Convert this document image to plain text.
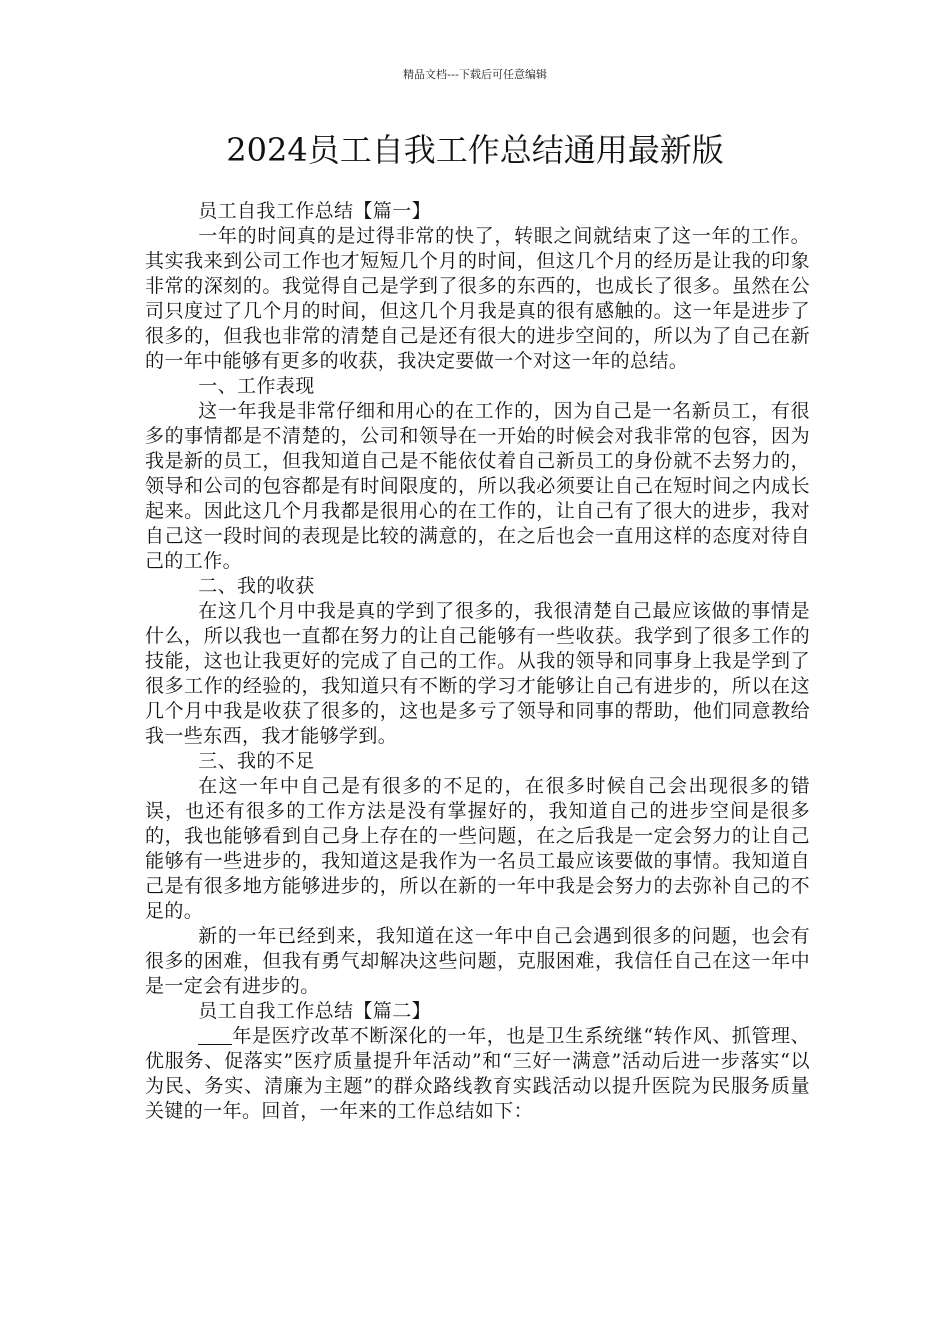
精品文档---下载后可任意编辑
2024员工自我工作总结通用最新版

员工自我工作总结【篇一】

一年的时间真的是过得非常的快了，转眼之间就结束了这一年的工作。其实我来到公司工作也才短短几个月的时间，但这几个月的经历是让我的印象非常的深刻的。我觉得自己是学到了很多的东西的，也成长了很多。虽然在公司只度过了几个月的时间，但这几个月我是真的很有感触的。这一年是进步了很多的，但我也非常的清楚自己是还有很大的进步空间的，所以为了自己在新的一年中能够有更多的收获，我决定要做一个对这一年的总结。

一、工作表现

这一年我是非常仔细和用心的在工作的，因为自己是一名新员工，有很多的事情都是不清楚的，公司和领导在一开始的时候会对我非常的包容，因为我是新的员工，但我知道自己是不能依仗着自己新员工的身份就不去努力的，领导和公司的包容都是有时间限度的，所以我必须要让自己在短时间之内成长起来。因此这几个月我都是很用心的在工作的，让自己有了很大的进步，我对自己这一段时间的表现是比较的满意的，在之后也会一直用这样的态度对待自己的工作。

二、我的收获

在这几个月中我是真的学到了很多的，我很清楚自己最应该做的事情是什么，所以我也一直都在努力的让自己能够有一些收获。我学到了很多工作的技能，这也让我更好的完成了自己的工作。从我的领导和同事身上我是学到了很多工作的经验的，我知道只有不断的学习才能够让自己有进步的，所以在这几个月中我是收获了很多的，这也是多亏了领导和同事的帮助，他们同意教给我一些东西，我才能够学到。

三、我的不足

在这一年中自己是有很多的不足的，在很多时候自己会出现很多的错误，也还有很多的工作方法是没有掌握好的，我知道自己的进步空间是很多的，我也能够看到自己身上存在的一些问题，在之后我是一定会努力的让自己能够有一些进步的，我知道这是我作为一名员工最应该要做的事情。我知道自己是有很多地方能够进步的，所以在新的一年中我是会努力的去弥补自己的不足的。

新的一年已经到来，我知道在这一年中自己会遇到很多的问题，也会有很多的困难，但我有勇气却解决这些问题，克服困难，我信任自己在这一年中是一定会有进步的。

员工自我工作总结【篇二】

年是医疗改革不断深化的一年，也是卫生系统继“转作风、抓管理、优服务、促落实”医疗质量提升年活动”和“三好一满意”活动后进一步落实“以为民、务实、清廉为主题”的群众路线教育实践活动以提升医院为民服务质量关键的一年。回首，一年来的工作总结如下：
